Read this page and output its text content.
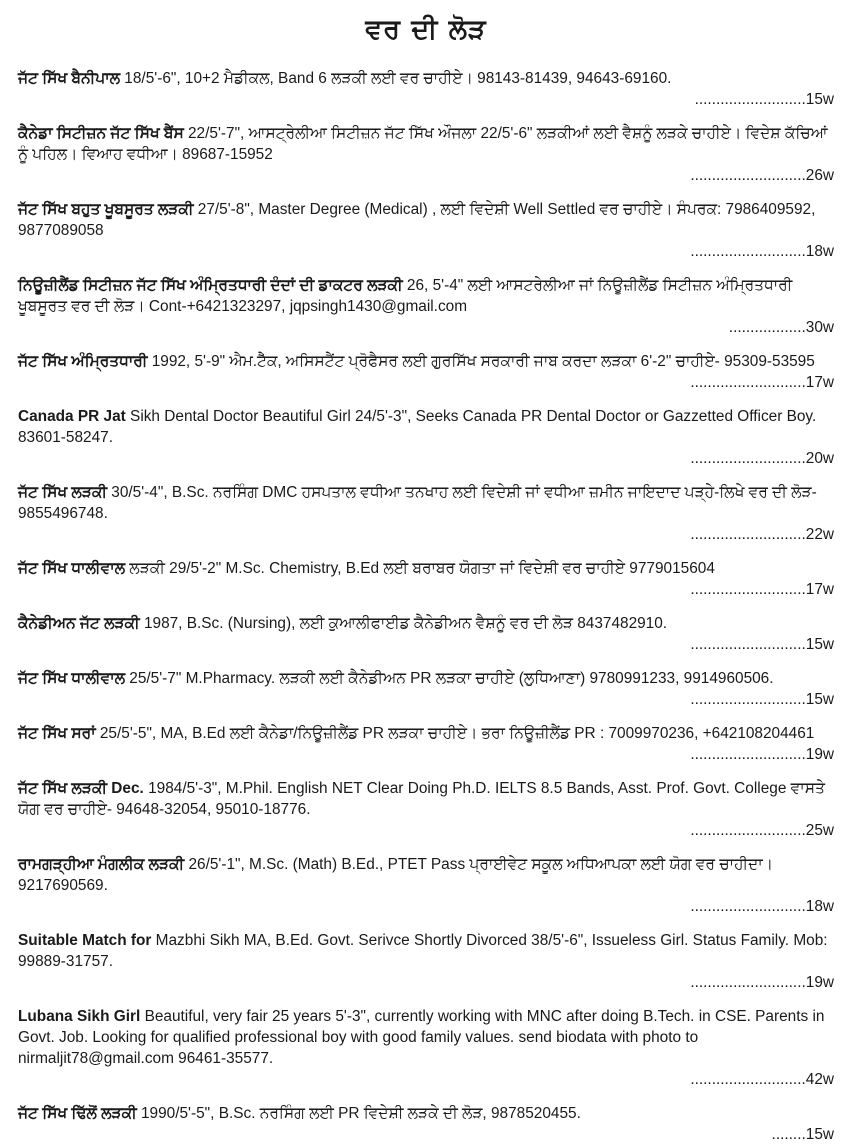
ਵਰ ਦੀ ਲੋੜ
ਜੱਟ ਸਿੱਖ ਬੈਨੀਪਾਲ 18/5'-6", 10+2 ਮੈਡੀਕਲ, Band 6 ਲੜਕੀ ਲਈ ਵਰ ਚਾਹੀਏ। 98143-81439, 94643-69160.
..........................15w
ਕੈਨੇਡਾ ਸਿਟੀਜ਼ਨ ਜੱਟ ਸਿੱਖ ਬੈਂਸ 22/5'-7", ਆਸਟ੍ਰੇਲੀਆ ਸਿਟੀਜ਼ਨ ਜੱਟ ਸਿੱਖ ਔਜਲਾ 22/5'-6" ਲੜਕੀਆਂ ਲਈ ਵੈਸ਼ਨੂੰ ਲੜਕੇ ਚਾਹੀਏ। ਵਿਦੇਸ਼ ਕੱਚਿਆਂ ਨੂੰ ਪਹਿਲ। ਵਿਆਹ ਵਧੀਆ। 89687-15952
...........................26w
ਜੱਟ ਸਿੱਖ ਬਹੁਤ ਖੂਬਸੂਰਤ ਲੜਕੀ 27/5'-8", Master Degree (Medical) , ਲਈ ਵਿਦੇਸ਼ੀ Well Settled ਵਰ ਚਾਹੀਏ। ਸੰਪਰਕ: 7986409592, 9877089058
...........................18w
ਨਿਊਜ਼ੀਲੈਂਡ ਸਿਟੀਜ਼ਨ ਜੱਟ ਸਿੱਖ ਅੰਮ੍ਰਿਤਧਾਰੀ ਦੰਦਾਂ ਦੀ ਡਾਕਟਰ ਲੜਕੀ 26, 5'-4" ਲਈ ਆਸਟਰੇਲੀਆ ਜਾਂ ਨਿਊਜ਼ੀਲੈਂਡ ਸਿਟੀਜ਼ਨ ਅੰਮ੍ਰਿਤਧਾਰੀ ਖੂਬਸੂਰਤ ਵਰ ਦੀ ਲੋੜ। Cont-+6421323297, jqpsingh1430@gmail.com
..................30w
ਜੱਟ ਸਿੱਖ ਅੰਮ੍ਰਿਤਧਾਰੀ 1992, 5'-9" ਐਮ.ਟੈੱਕ, ਅਸਿਸਟੈਂਟ ਪ੍ਰੋਫੈਸਰ ਲਈ ਗੁਰਸਿੱਖ ਸਰਕਾਰੀ ਜਾਬ ਕਰਦਾ ਲੜਕਾ 6'-2" ਚਾਹੀਏ- 95309-53595
...........................17w
Canada PR Jat Sikh Dental Doctor Beautiful Girl 24/5'-3", Seeks Canada PR Dental Doctor or Gazzetted Officer Boy. 83601-58247.
...........................20w
ਜੱਟ ਸਿੱਖ ਲੜਕੀ 30/5'-4", B.Sc. ਨਰਸਿੰਗ DMC ਹਸਪਤਾਲ ਵਧੀਆ ਤਨਖਾਹ ਲਈ ਵਿਦੇਸ਼ੀ ਜਾਂ ਵਧੀਆ ਜ਼ਮੀਨ ਜਾਇਦਾਦ ਪੜ੍ਹੇ-ਲਿਖੇ ਵਰ ਦੀ ਲੋੜ- 9855496748.
...........................22w
ਜੱਟ ਸਿੱਖ ਧਾਲੀਵਾਲ ਲੜਕੀ 29/5'-2" M.Sc. Chemistry, B.Ed ਲਈ ਬਰਾਬਰ ਯੋਗਤਾ ਜਾਂ ਵਿਦੇਸ਼ੀ ਵਰ ਚਾਹੀਏ 9779015604
...........................17w
ਕੈਨੇਡੀਅਨ ਜੱਟ ਲੜਕੀ 1987, B.Sc. (Nursing), ਲਈ ਕੁਆਲੀਫਾਈਡ ਕੈਨੇਡੀਅਨ ਵੈਸ਼ਨੂੰ ਵਰ ਦੀ ਲੋੜ 8437482910.
...........................15w
ਜੱਟ ਸਿੱਖ ਧਾਲੀਵਾਲ 25/5'-7" M.Pharmacy. ਲੜਕੀ ਲਈ ਕੈਨੇਡੀਅਨ PR ਲੜਕਾ ਚਾਹੀਏ (ਲੁਧਿਆਣਾ) 9780991233, 9914960506.
...........................15w
ਜੱਟ ਸਿੱਖ ਸਰਾਂ 25/5'-5", MA, B.Ed ਲਈ ਕੈਨੇਡਾ/ਨਿਊਜ਼ੀਲੈਂਡ PR ਲੜਕਾ ਚਾਹੀਏ। ਭਰਾ ਨਿਊਜ਼ੀਲੈਂਡ PR : 7009970236, +642108204461
...........................19w
ਜੱਟ ਸਿੱਖ ਲੜਕੀ Dec. 1984/5'-3", M.Phil. English NET Clear Doing Ph.D. IELTS 8.5 Bands, Asst. Prof. Govt. College ਵਾਸਤੇ ਯੋਗ ਵਰ ਚਾਹੀਏ- 94648-32054, 95010-18776.
...........................25w
ਰਾਮਗੜ੍ਹੀਆ ਮੰਗਲੀਕ ਲੜਕੀ 26/5'-1", M.Sc. (Math) B.Ed., PTET Pass ਪ੍ਰਾਈਵੇਟ ਸਕੂਲ ਅਧਿਆਪਕਾ ਲਈ ਯੋਗ ਵਰ ਚਾਹੀਦਾ। 9217690569.
...........................18w
Suitable Match for Mazbhi Sikh MA, B.Ed. Govt. Serivce Shortly Divorced 38/5'-6", Issueless Girl. Status Family. Mob: 99889-31757.
...........................19w
Lubana Sikh Girl Beautiful, very fair 25 years 5'-3", currently working with MNC after doing B.Tech. in CSE. Parents in Govt. Job. Looking for qualified professional boy with good family values. send biodata with photo to nirmaljit78@gmail.com 96461-35577.
...........................42w
ਜੱਟ ਸਿੱਖ ਢਿੱਲੋਂ ਲੜਕੀ 1990/5'-5", B.Sc. ਨਰਸਿੰਗ ਲਈ PR ਵਿਦੇਸ਼ੀ ਲੜਕੇ ਦੀ ਲੋੜ, 9878520455.
........15w
